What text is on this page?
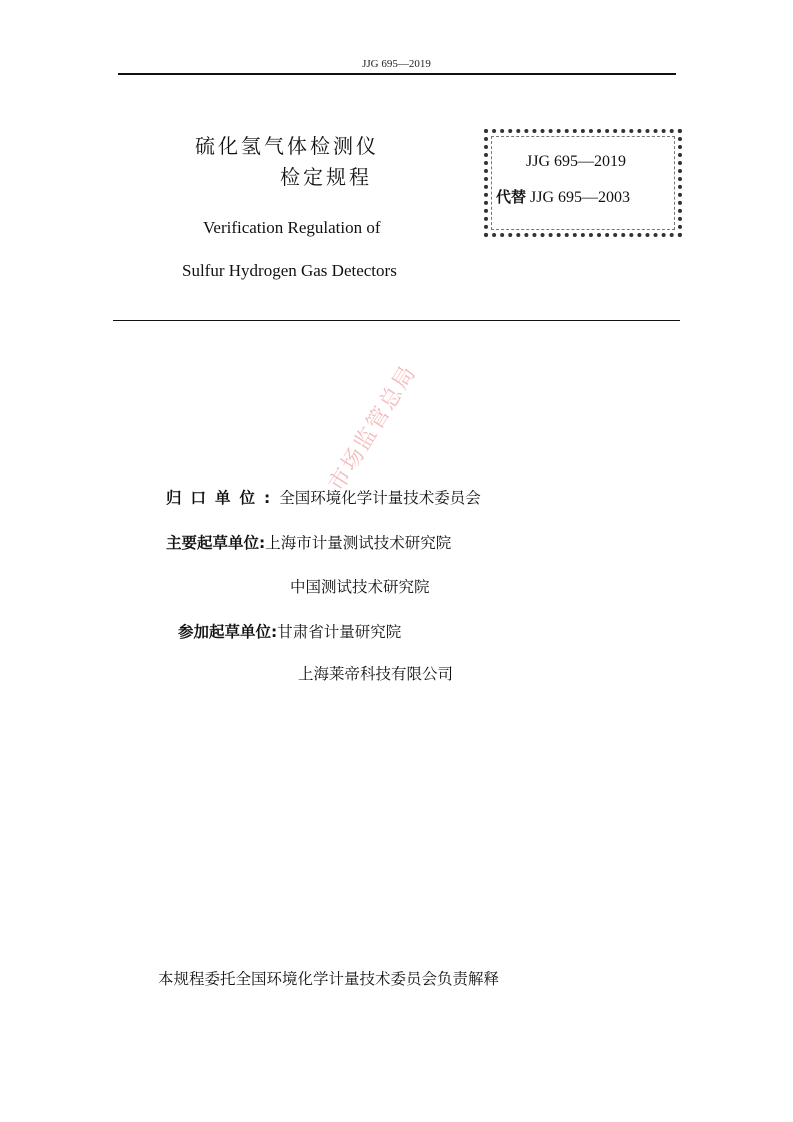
JJG 695—2019
硫化氢气体检测仪
检定规程
Verification Regulation of
Sulfur Hydrogen Gas Detectors
JJG 695—2019
代替 JJG 695—2003
归口单位:全国环境化学计量技术委员会
主要起草单位:上海市计量测试技术研究院
中国测试技术研究院
参加起草单位:甘肃省计量研究院
上海莱帝科技有限公司
本规程委托全国环境化学计量技术委员会负责解释
市场监管总局
